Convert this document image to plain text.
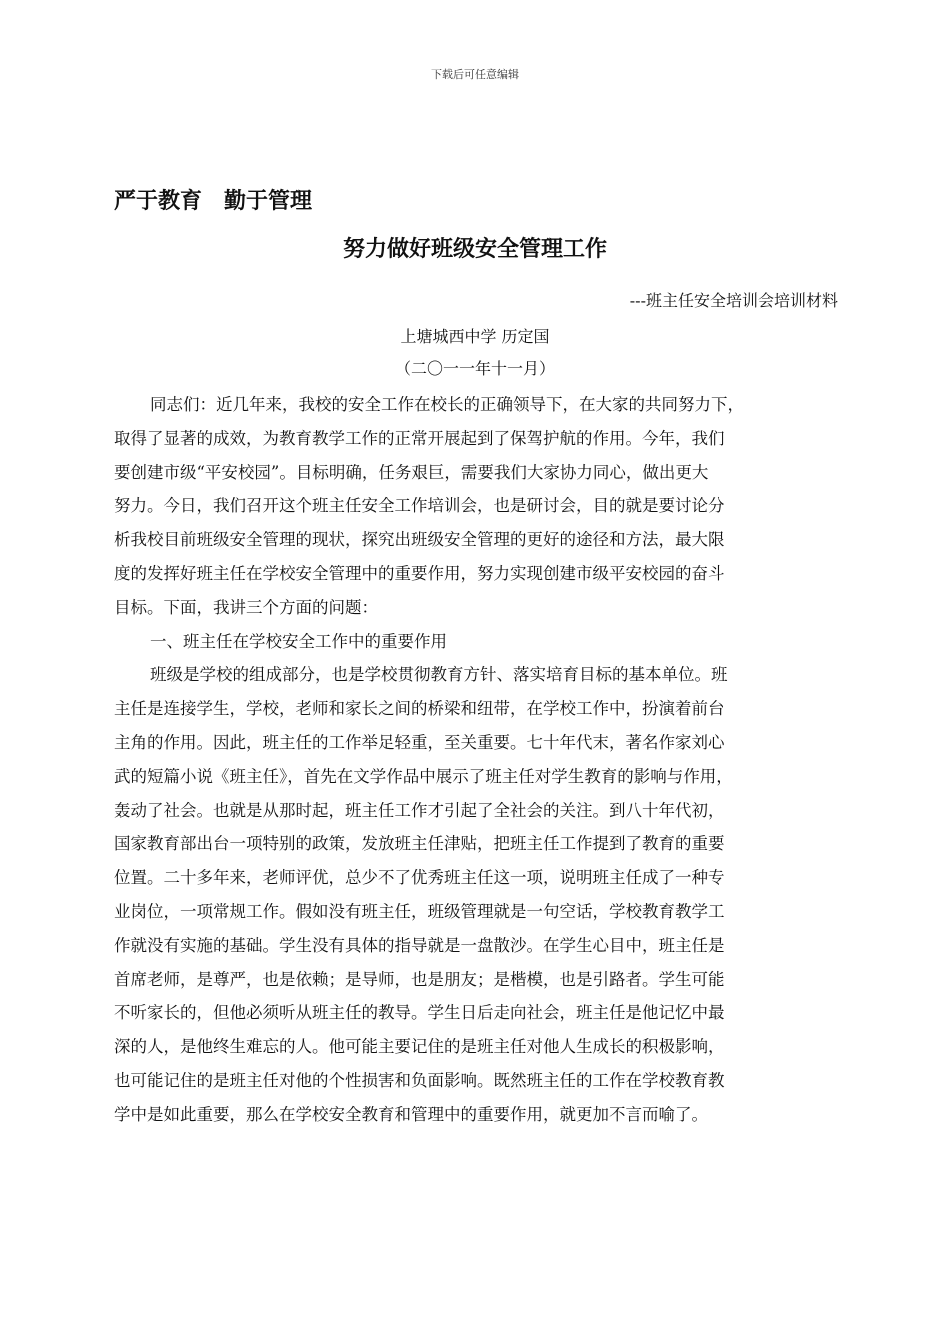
下载后可任意编辑
严于教育　勤于管理
努力做好班级安全管理工作
---班主任安全培训会培训材料
上塘城西中学 历定国
（二〇一一年十一月）
同志们：近几年来，我校的安全工作在校长的正确领导下，在大家的共同努力下，
取得了显著的成效，为教育教学工作的正常开展起到了保驾护航的作用。今年，我们
要创建市级“平安校园”。目标明确，任务艰巨，需要我们大家协力同心，做出更大
努力。今日，我们召开这个班主任安全工作培训会，也是研讨会，目的就是要讨论分
析我校目前班级安全管理的现状，探究出班级安全管理的更好的途径和方法，最大限
度的发挥好班主任在学校安全管理中的重要作用，努力实现创建市级平安校园的奋斗
目标。下面，我讲三个方面的问题：
一、班主任在学校安全工作中的重要作用
班级是学校的组成部分，也是学校贯彻教育方针、落实培育目标的基本单位。班
主任是连接学生，学校，老师和家长之间的桥梁和纽带，在学校工作中，扮演着前台
主角的作用。因此，班主任的工作举足轻重，至关重要。七十年代末，著名作家刘心
武的短篇小说《班主任》，首先在文学作品中展示了班主任对学生教育的影响与作用，
轰动了社会。也就是从那时起，班主任工作才引起了全社会的关注。到八十年代初，
国家教育部出台一项特别的政策，发放班主任津贴，把班主任工作提到了教育的重要
位置。二十多年来，老师评优，总少不了优秀班主任这一项，说明班主任成了一种专
业岗位，一项常规工作。假如没有班主任，班级管理就是一句空话，学校教育教学工
作就没有实施的基础。学生没有具体的指导就是一盘散沙。在学生心目中，班主任是
首席老师，是尊严，也是依赖；是导师，也是朋友；是楷模，也是引路者。学生可能
不听家长的，但他必须听从班主任的教导。学生日后走向社会，班主任是他记忆中最
深的人，是他终生难忘的人。他可能主要记住的是班主任对他人生成长的积极影响，
也可能记住的是班主任对他的个性损害和负面影响。既然班主任的工作在学校教育教
学中是如此重要，那么在学校安全教育和管理中的重要作用，就更加不言而喻了。
